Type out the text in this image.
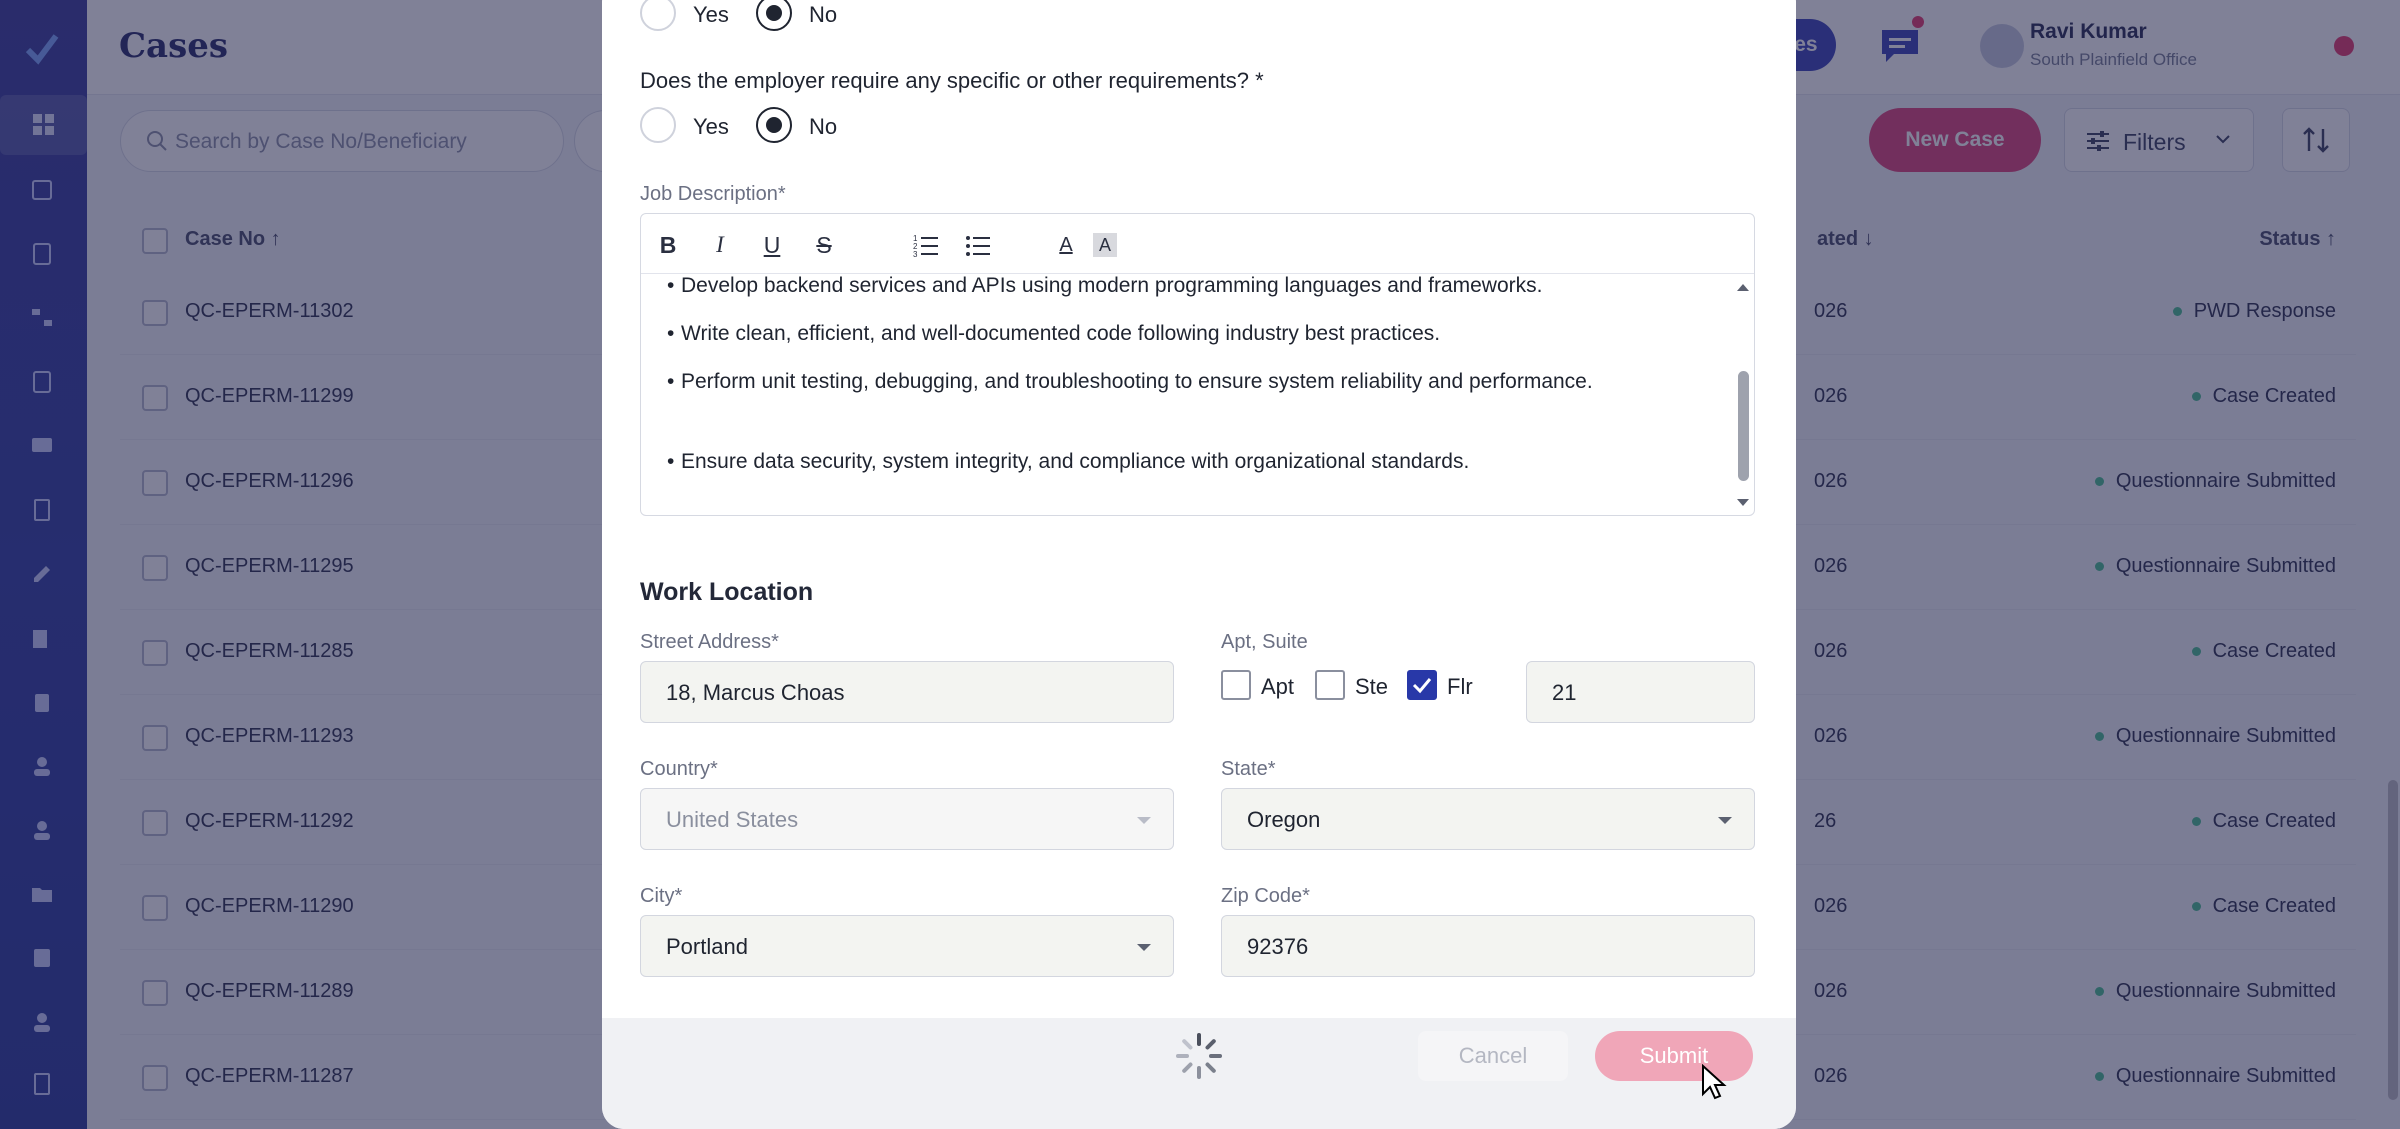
Yes	No
Does the employer require any specific or other requirements? *
Yes	No
Job Description*
B	I	U	S	1
2
3	A	A
• Develop backend services and APIs using modern programming languages and frameworks.
• Write clean, efficient, and well-documented code following industry best practices.
• Perform unit testing, debugging, and troubleshooting to ensure system reliability and performance.
• Ensure data security, system integrity, and compliance with organizational standards.
Work Location
Street Address*
18, Marcus Choas
Apt, Suite
Apt	Ste	Flr	21
Country*
United States
State*
Oregon
City*
Portland
Zip Code*
92376
Cancel	Submit
